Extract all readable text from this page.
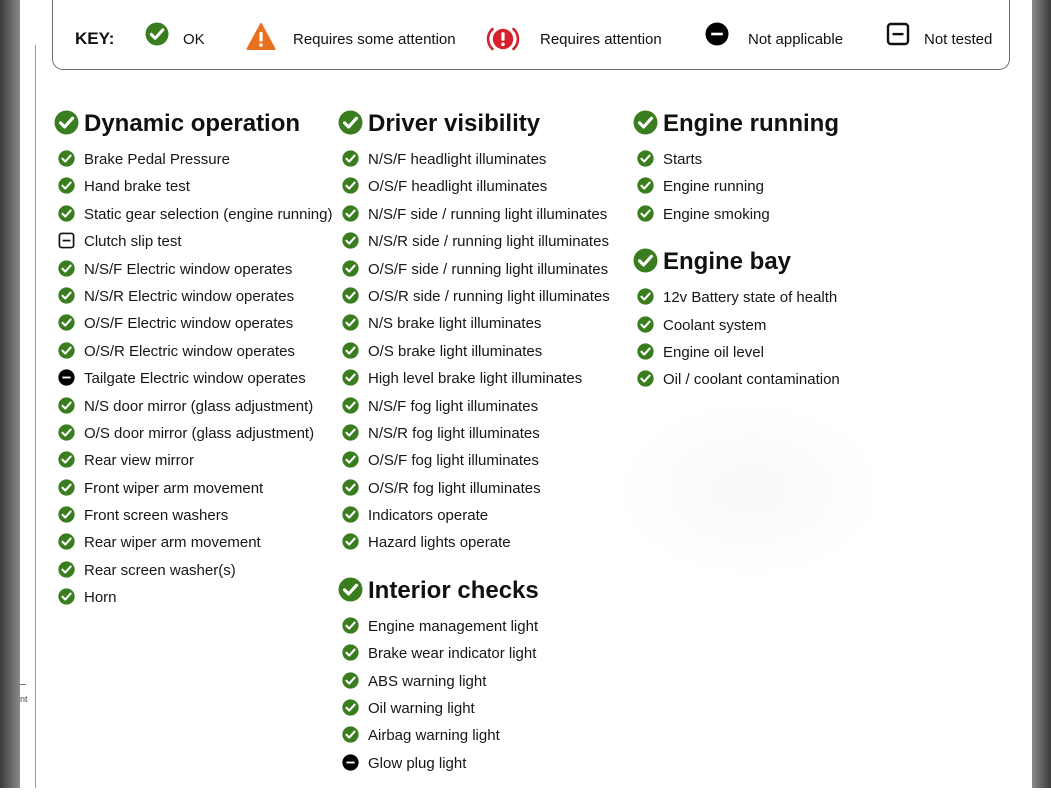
nt
KEY:	OK	Requires some attention	Requires attention	Not applicable	Not tested
Dynamic operation
Brake Pedal Pressure
Hand brake test
Static gear selection (engine running)
Clutch slip test
N/S/F Electric window operates
N/S/R Electric window operates
O/S/F Electric window operates
O/S/R Electric window operates
Tailgate Electric window operates
N/S door mirror (glass adjustment)
O/S door mirror (glass adjustment)
Rear view mirror
Front wiper arm movement
Front screen washers
Rear wiper arm movement
Rear screen washer(s)
Horn
Driver visibility
N/S/F headlight illuminates
O/S/F headlight illuminates
N/S/F side / running light illuminates
N/S/R side / running light illuminates
O/S/F side / running light illuminates
O/S/R side / running light illuminates
N/S brake light illuminates
O/S brake light illuminates
High level brake light illuminates
N/S/F fog light illuminates
N/S/R fog light illuminates
O/S/F fog light illuminates
O/S/R fog light illuminates
Indicators operate
Hazard lights operate
Interior checks
Engine management light
Brake wear indicator light
ABS warning light
Oil warning light
Airbag warning light
Glow plug light
Engine running
Starts
Engine running
Engine smoking
Engine bay
12v Battery state of health
Coolant system
Engine oil level
Oil / coolant contamination
